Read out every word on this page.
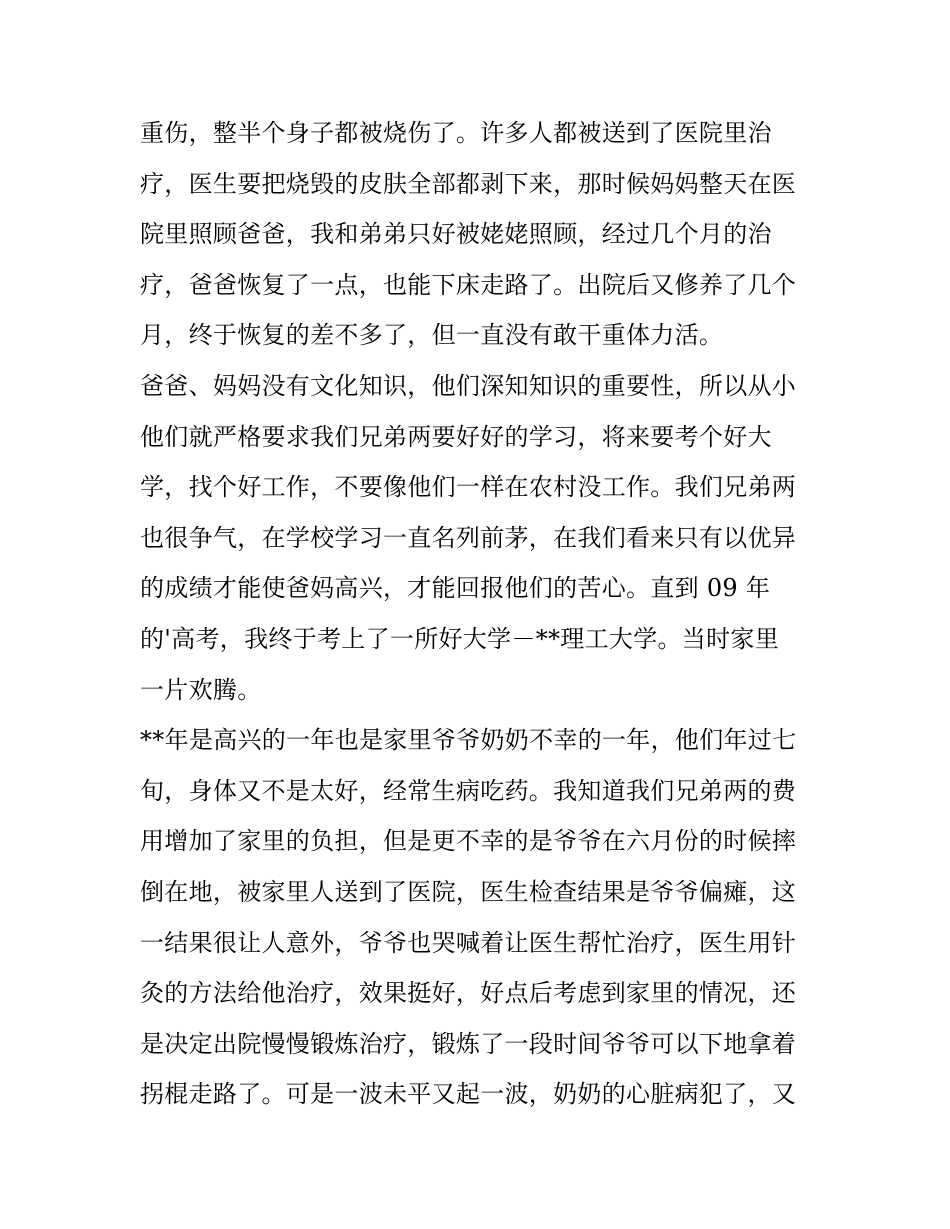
重伤，整半个身子都被烧伤了。许多人都被送到了医院里治
疗，医生要把烧毁的皮肤全部都剥下来，那时候妈妈整天在医
院里照顾爸爸，我和弟弟只好被姥姥照顾，经过几个月的治
疗，爸爸恢复了一点，也能下床走路了。出院后又修养了几个
月，终于恢复的差不多了，但一直没有敢干重体力活。
爸爸、妈妈没有文化知识，他们深知知识的重要性，所以从小
他们就严格要求我们兄弟两要好好的学习，将来要考个好大
学，找个好工作，不要像他们一样在农村没工作。我们兄弟两
也很争气，在学校学习一直名列前茅，在我们看来只有以优异
的成绩才能使爸妈高兴，才能回报他们的苦心。直到 09 年
的'高考，我终于考上了一所好大学－**理工大学。当时家里
一片欢腾。
**年是高兴的一年也是家里爷爷奶奶不幸的一年，他们年过七
旬，身体又不是太好，经常生病吃药。我知道我们兄弟两的费
用增加了家里的负担，但是更不幸的是爷爷在六月份的时候摔
倒在地，被家里人送到了医院，医生检查结果是爷爷偏瘫，这
一结果很让人意外，爷爷也哭喊着让医生帮忙治疗，医生用针
灸的方法给他治疗，效果挺好，好点后考虑到家里的情况，还
是决定出院慢慢锻炼治疗，锻炼了一段时间爷爷可以下地拿着
拐棍走路了。可是一波未平又起一波，奶奶的心脏病犯了，又
